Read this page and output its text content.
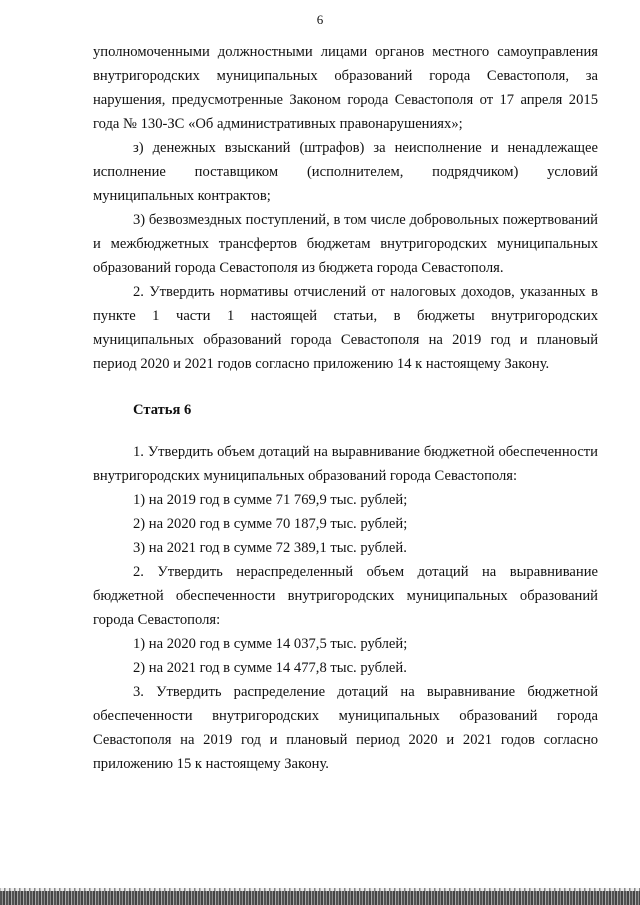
6

уполномоченными должностными лицами органов местного самоуправления внутригородских муниципальных образований города Севастополя, за нарушения, предусмотренные Законом города Севастополя от 17 апреля 2015 года № 130-ЗС «Об административных правонарушениях»;

з) денежных взысканий (штрафов) за неисполнение и ненадлежащее исполнение поставщиком (исполнителем, подрядчиком) условий муниципальных контрактов;

3) безвозмездных поступлений, в том числе добровольных пожертвований и межбюджетных трансфертов бюджетам внутригородских муниципальных образований города Севастополя из бюджета города Севастополя.

2. Утвердить нормативы отчислений от налоговых доходов, указанных в пункте 1 части 1 настоящей статьи, в бюджеты внутригородских муниципальных образований города Севастополя на 2019 год и плановый период 2020 и 2021 годов согласно приложению 14 к настоящему Закону.

Статья 6

1. Утвердить объем дотаций на выравнивание бюджетной обеспеченности внутригородских муниципальных образований города Севастополя:

1) на 2019 год в сумме 71 769,9 тыс. рублей;

2) на 2020 год в сумме 70 187,9 тыс. рублей;

3) на 2021 год в сумме 72 389,1 тыс. рублей.

2. Утвердить нераспределенный объем дотаций на выравнивание бюджетной обеспеченности внутригородских муниципальных образований города Севастополя:

1) на 2020 год в сумме 14 037,5 тыс. рублей;

2) на 2021 год в сумме 14 477,8 тыс. рублей.

3. Утвердить распределение дотаций на выравнивание бюджетной обеспеченности внутригородских муниципальных образований города Севастополя на 2019 год и плановый период 2020 и 2021 годов согласно приложению 15 к настоящему Закону.
